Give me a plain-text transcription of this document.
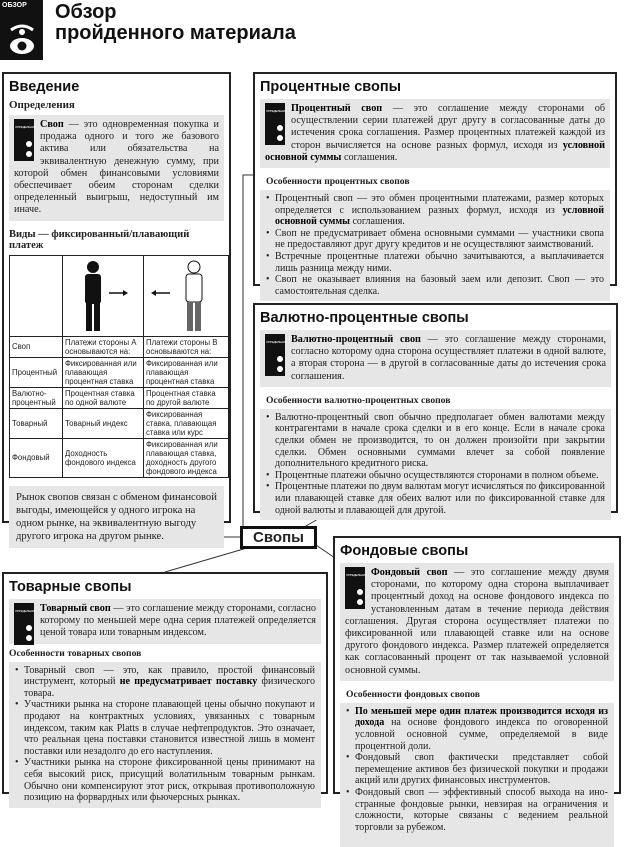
ОБЗОР Обзор
пройденного материала
Введение
Определения
ОПРЕДЕЛЕНИЕ Своп — это одновременная покупка и продажа одного и того же базового актива или обязательства на эквивалентную денежную сумму, при которой обмен финансовыми условиями обеспечивает обеим сторонам сделки определенный выигрыш, недоступный им иначе.
Виды — фиксированный/плавающий платеж

Своп	Платежи стороны А основываются на:	Платежи стороны В основываются на:
Процентный	Фиксированная или плавающая процентная ставка	Фиксированная или плавающая процентная ставка
Валютно-процентный	Процентная ставка по одной валюте	Процентная ставка по другой валюте
Товарный	Товарный индекс	Фиксированная ставка, плавающая ставка или курс
Фондовый	Доходность фондового индекса	Фиксированная или плавающая ставка, доходность другого фондового индекса
Рынок свопов связан с обменом финансовой выгоды, имеющейся у одного игрока на одном рынке, на эквивалентную выгоду другого игрока на другом рынке.
Процентные свопы
ОПРЕДЕЛЕНИЕ Процентный своп — это соглашение между сторонами об осуществлении серии платежей друг другу в согласованные даты до истечения срока соглашения. Размер процентных платежей каждой из сторон вычисляется на основе разных формул, исходя из условной основной суммы соглашения.
Особенности процентных свопов
• Процентный своп — это обмен процентными платежами, размер которых определяется с использованием разных формул, исходя из условной основной суммы соглашения.
• Своп не предусматривает обмена основными суммами — участники свопа не предоставляют друг другу кредитов и не осуществляют заимствований.
• Встречные процентные платежи обычно зачитываются, а выплачивается лишь разница между ними.
• Своп не оказывает влияния на базовый заем или депозит. Своп — это самостоятельная сделка.
Валютно-процентные свопы
ОПРЕДЕЛЕНИЕ Валютно-процентный своп — это соглашение между сторонами, согласно которому одна сторона осуществляет платежи в одной валюте, а вторая сторона — в другой в согласованные даты до истечения срока соглашения.
Особенности валютно-процентных свопов
• Валютно-процентный своп обычно предполагает обмен валютами между контрагентами в начале срока сделки и в его конце. Если в начале срока сделки обмен не производится, то он должен произойти при закрытии сделки. Обмен основными суммами влечет за собой появление дополнительного кредитного риска.
• Процентные платежи обычно осуществляются сторонами в полном объеме.
• Процентные платежи по двум валютам могут исчисляться по фиксированной или плавающей ставке для обеих валют или по фиксированной ставке для одной валюты и плавающей для другой.
Свопы
Товарные свопы
ОПРЕДЕЛЕНИЕ Товарный своп — это соглашение между сторонами, согласно которому по меньшей мере одна серия платежей определяется ценой товара или товарным индексом.
Особенности товарных свопов
• Товарный своп — это, как правило, простой финансовый инструмент, который не предусматривает поставку физического товара.
• Участники рынка на стороне плавающей цены обычно покупают и продают на контрактных условиях, увязанных с товарным индексом, таким как Platts в случае нефтепродуктов. Это означает, что реальная цена поставки становится известной лишь в момент поставки или незадолго до его наступления.
• Участники рынка на стороне фиксированной цены принимают на себя высокий риск, присущий волатильным товарным рынкам. Обычно они компенсируют этот риск, открывая противоположную позицию на форвардных или фьючерсных рынках.
Фондовые свопы
ОПРЕДЕЛЕНИЕ Фондовый своп — это соглашение между двумя сторонами, по которому одна сторона выплачивает процентный доход на основе фондового индекса по установленным датам в течение периода действия соглашения. Другая сторона осуществляет платежи по фиксированной или плавающей ставке или на основе другого фондового индекса. Размер платежей определяется как согласованный процент от так называемой условной основной суммы.
Особенности фондовых свопов
• По меньшей мере один платеж производится исходя из дохода на основе фондового индекса по оговоренной условной основной сумме, определяемой в виде процентной доли.
• Фондовый своп фактически представляет собой перемещение активов без физической покупки и продажи акций или других финансовых инструментов.
• Фондовый своп — эффективный способ выхода на ино-странные фондовые рынки, невзирая на ограничения и сложности, которые связаны с ведением реальной торговли за рубежом.
